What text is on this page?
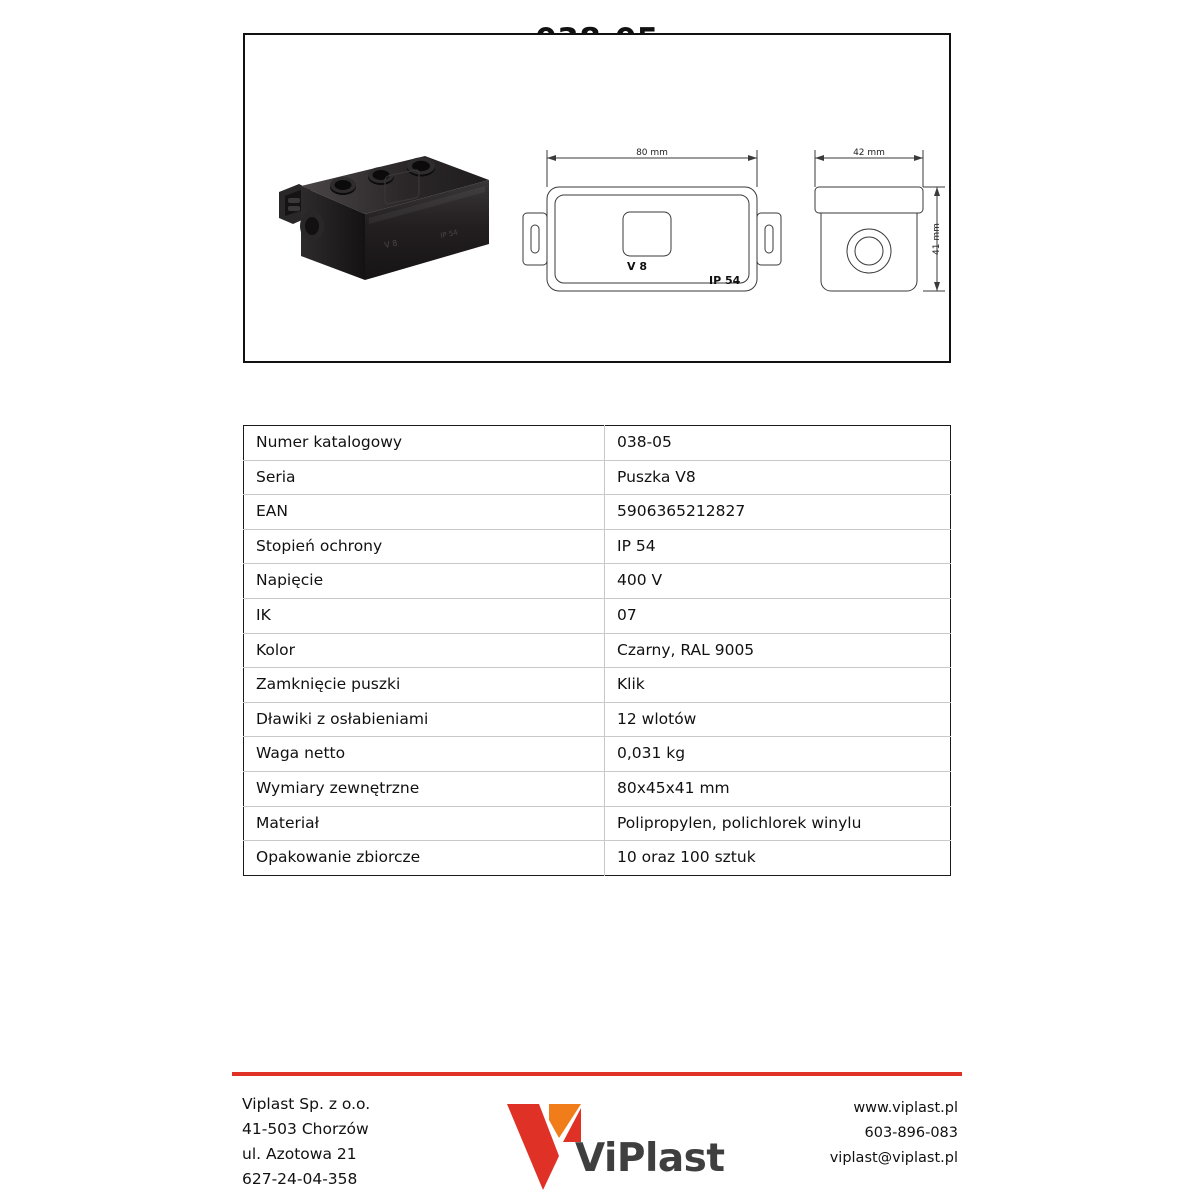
V 8
IP 54
80 mm	42 mm
41 mm
V 8
IP 54
Numer katalogowy	038-05
Seria	Puszka V8
EAN	5906365212827
Stopień ochrony	IP 54
Napięcie	400 V
IK	07
Kolor	Czarny, RAL 9005
Zamknięcie puszki	Klik
Dławiki z osłabieniami	12 wlotów
Waga netto	0,031 kg
Wymiary zewnętrzne	80x45x41 mm
Materiał	Polipropylen, polichlorek winylu
Opakowanie zbiorcze	10 oraz 100 sztuk
Viplast Sp. z o.o.
41-503 Chorzów
ul. Azotowa 21
627-24-04-358	ViPlast
www.viplast.pl
603-896-083
viplast@viplast.pl
